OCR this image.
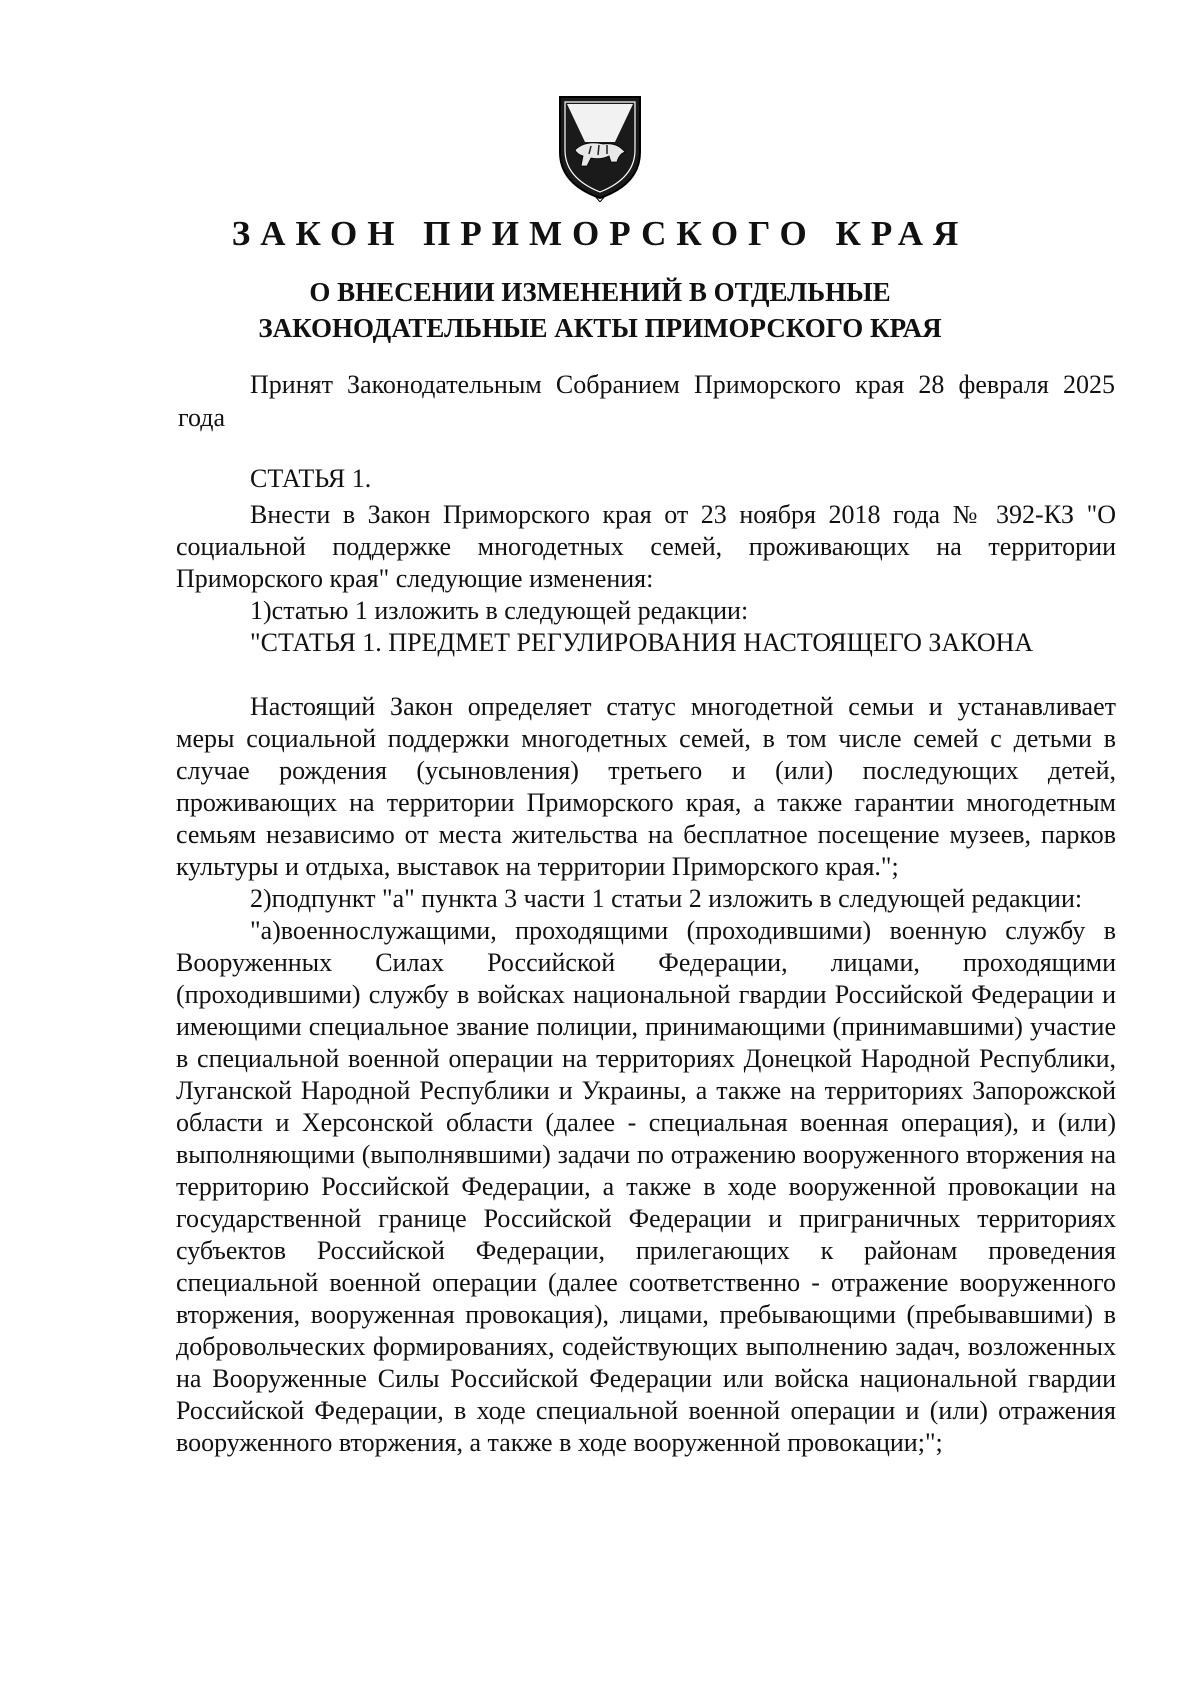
ЗАКОН ПРИМОРСКОГО КРАЯ
О ВНЕСЕНИИ ИЗМЕНЕНИЙ В ОТДЕЛЬНЫЕ
ЗАКОНОДАТЕЛЬНЫЕ АКТЫ ПРИМОРСКОГО КРАЯ
Принят Законодательным Собранием Приморского края 28 февраля 2025 года
СТАТЬЯ 1.

Внести в Закон Приморского края от 23 ноября 2018 года № 392-КЗ "О социальной поддержке многодетных семей, проживающих на территории Приморского края" следующие изменения:

1)статью 1 изложить в следующей редакции:

"СТАТЬЯ 1. ПРЕДМЕТ РЕГУЛИРОВАНИЯ НАСТОЯЩЕГО ЗАКОНА

Настоящий Закон определяет статус многодетной семьи и устанавливает меры социальной поддержки многодетных семей, в том числе семей с детьми в случае рождения (усыновления) третьего и (или) последующих детей, проживающих на территории Приморского края, а также гарантии многодетным семьям независимо от места жительства на бесплатное посещение музеев, парков культуры и отдыха, выставок на территории Приморского края.";

2)подпункт "а" пункта 3 части 1 статьи 2 изложить в следующей редакции:

"а)военнослужащими, проходящими (проходившими) военную службу в Вооруженных Силах Российской Федерации, лицами, проходящими (проходившими) службу в войсках национальной гвардии Российской Федерации и имеющими специальное звание полиции, принимающими (принимавшими) участие в специальной военной операции на территориях Донецкой Народной Республики, Луганской Народной Республики и Украины, а также на территориях Запорожской области и Херсонской области (далее - специальная военная операция), и (или) выполняющими (выполнявшими) задачи по отражению вооруженного вторжения на территорию Российской Федерации, а также в ходе вооруженной провокации на государственной границе Российской Федерации и приграничных территориях субъектов Российской Федерации, прилегающих к районам проведения специальной военной операции (далее соответственно - отражение вооруженного вторжения, вооруженная провокация), лицами, пребывающими (пребывавшими) в добровольческих формированиях, содействующих выполнению задач, возложенных на Вооруженные Силы Российской Федерации или войска национальной гвардии Российской Федерации, в ходе специальной военной операции и (или) отражения вооруженного вторжения, а также в ходе вооруженной провокации;";
